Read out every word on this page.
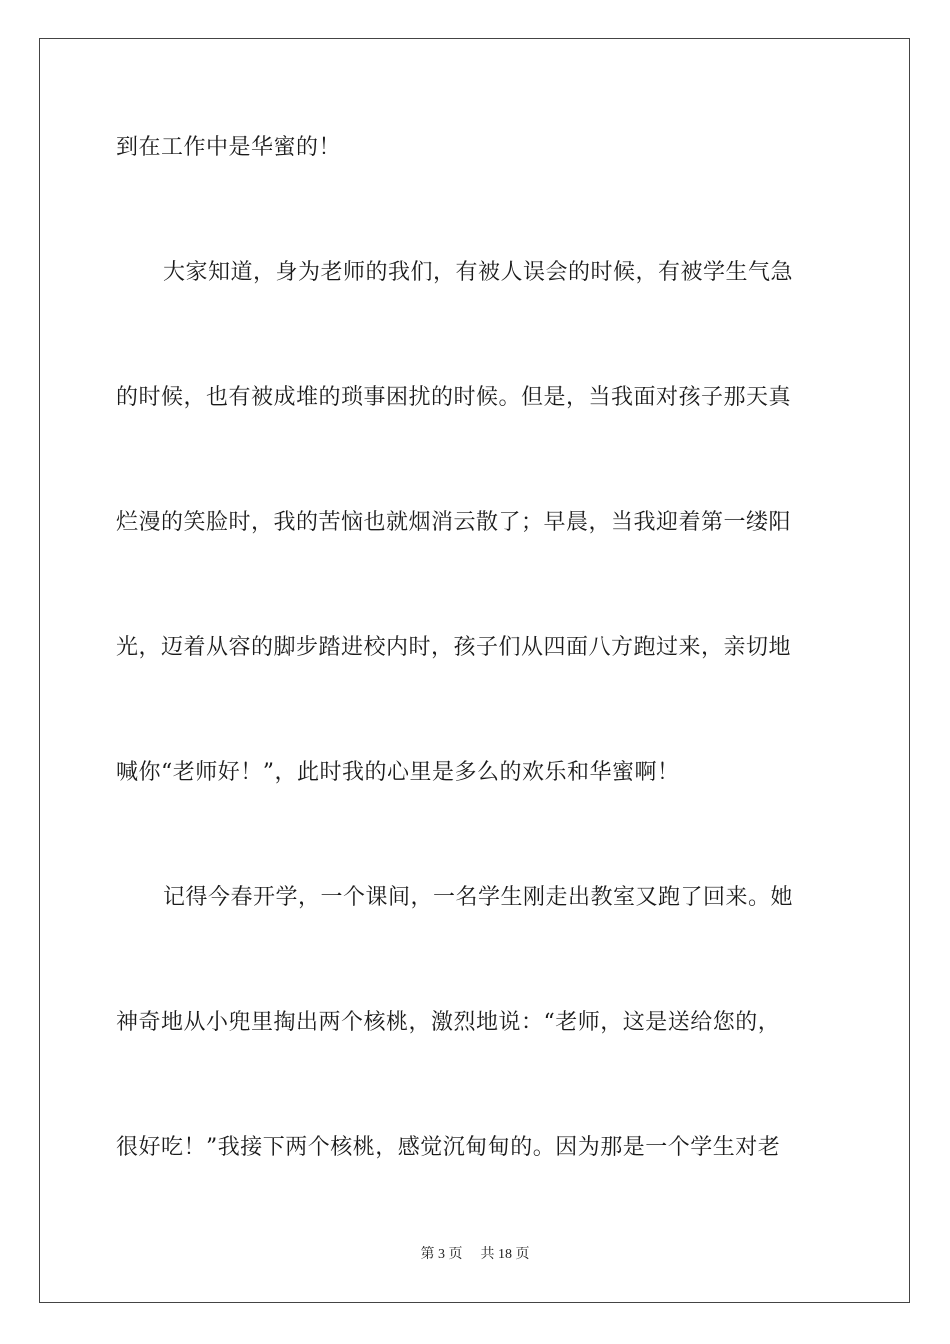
到在工作中是华蜜的！
大家知道，身为老师的我们，有被人误会的时候，有被学生气急
的时候，也有被成堆的琐事困扰的时候。但是，当我面对孩子那天真
烂漫的笑脸时，我的苦恼也就烟消云散了；早晨，当我迎着第一缕阳
光，迈着从容的脚步踏进校内时，孩子们从四面八方跑过来，亲切地
喊你“老师好！”，此时我的心里是多么的欢乐和华蜜啊！
记得今春开学，一个课间，一名学生刚走出教室又跑了回来。她
神奇地从小兜里掏出两个核桃，激烈地说：“老师，这是送给您的，
很好吃！”我接下两个核桃，感觉沉甸甸的。因为那是一个学生对老
第 3 页 共 18 页
